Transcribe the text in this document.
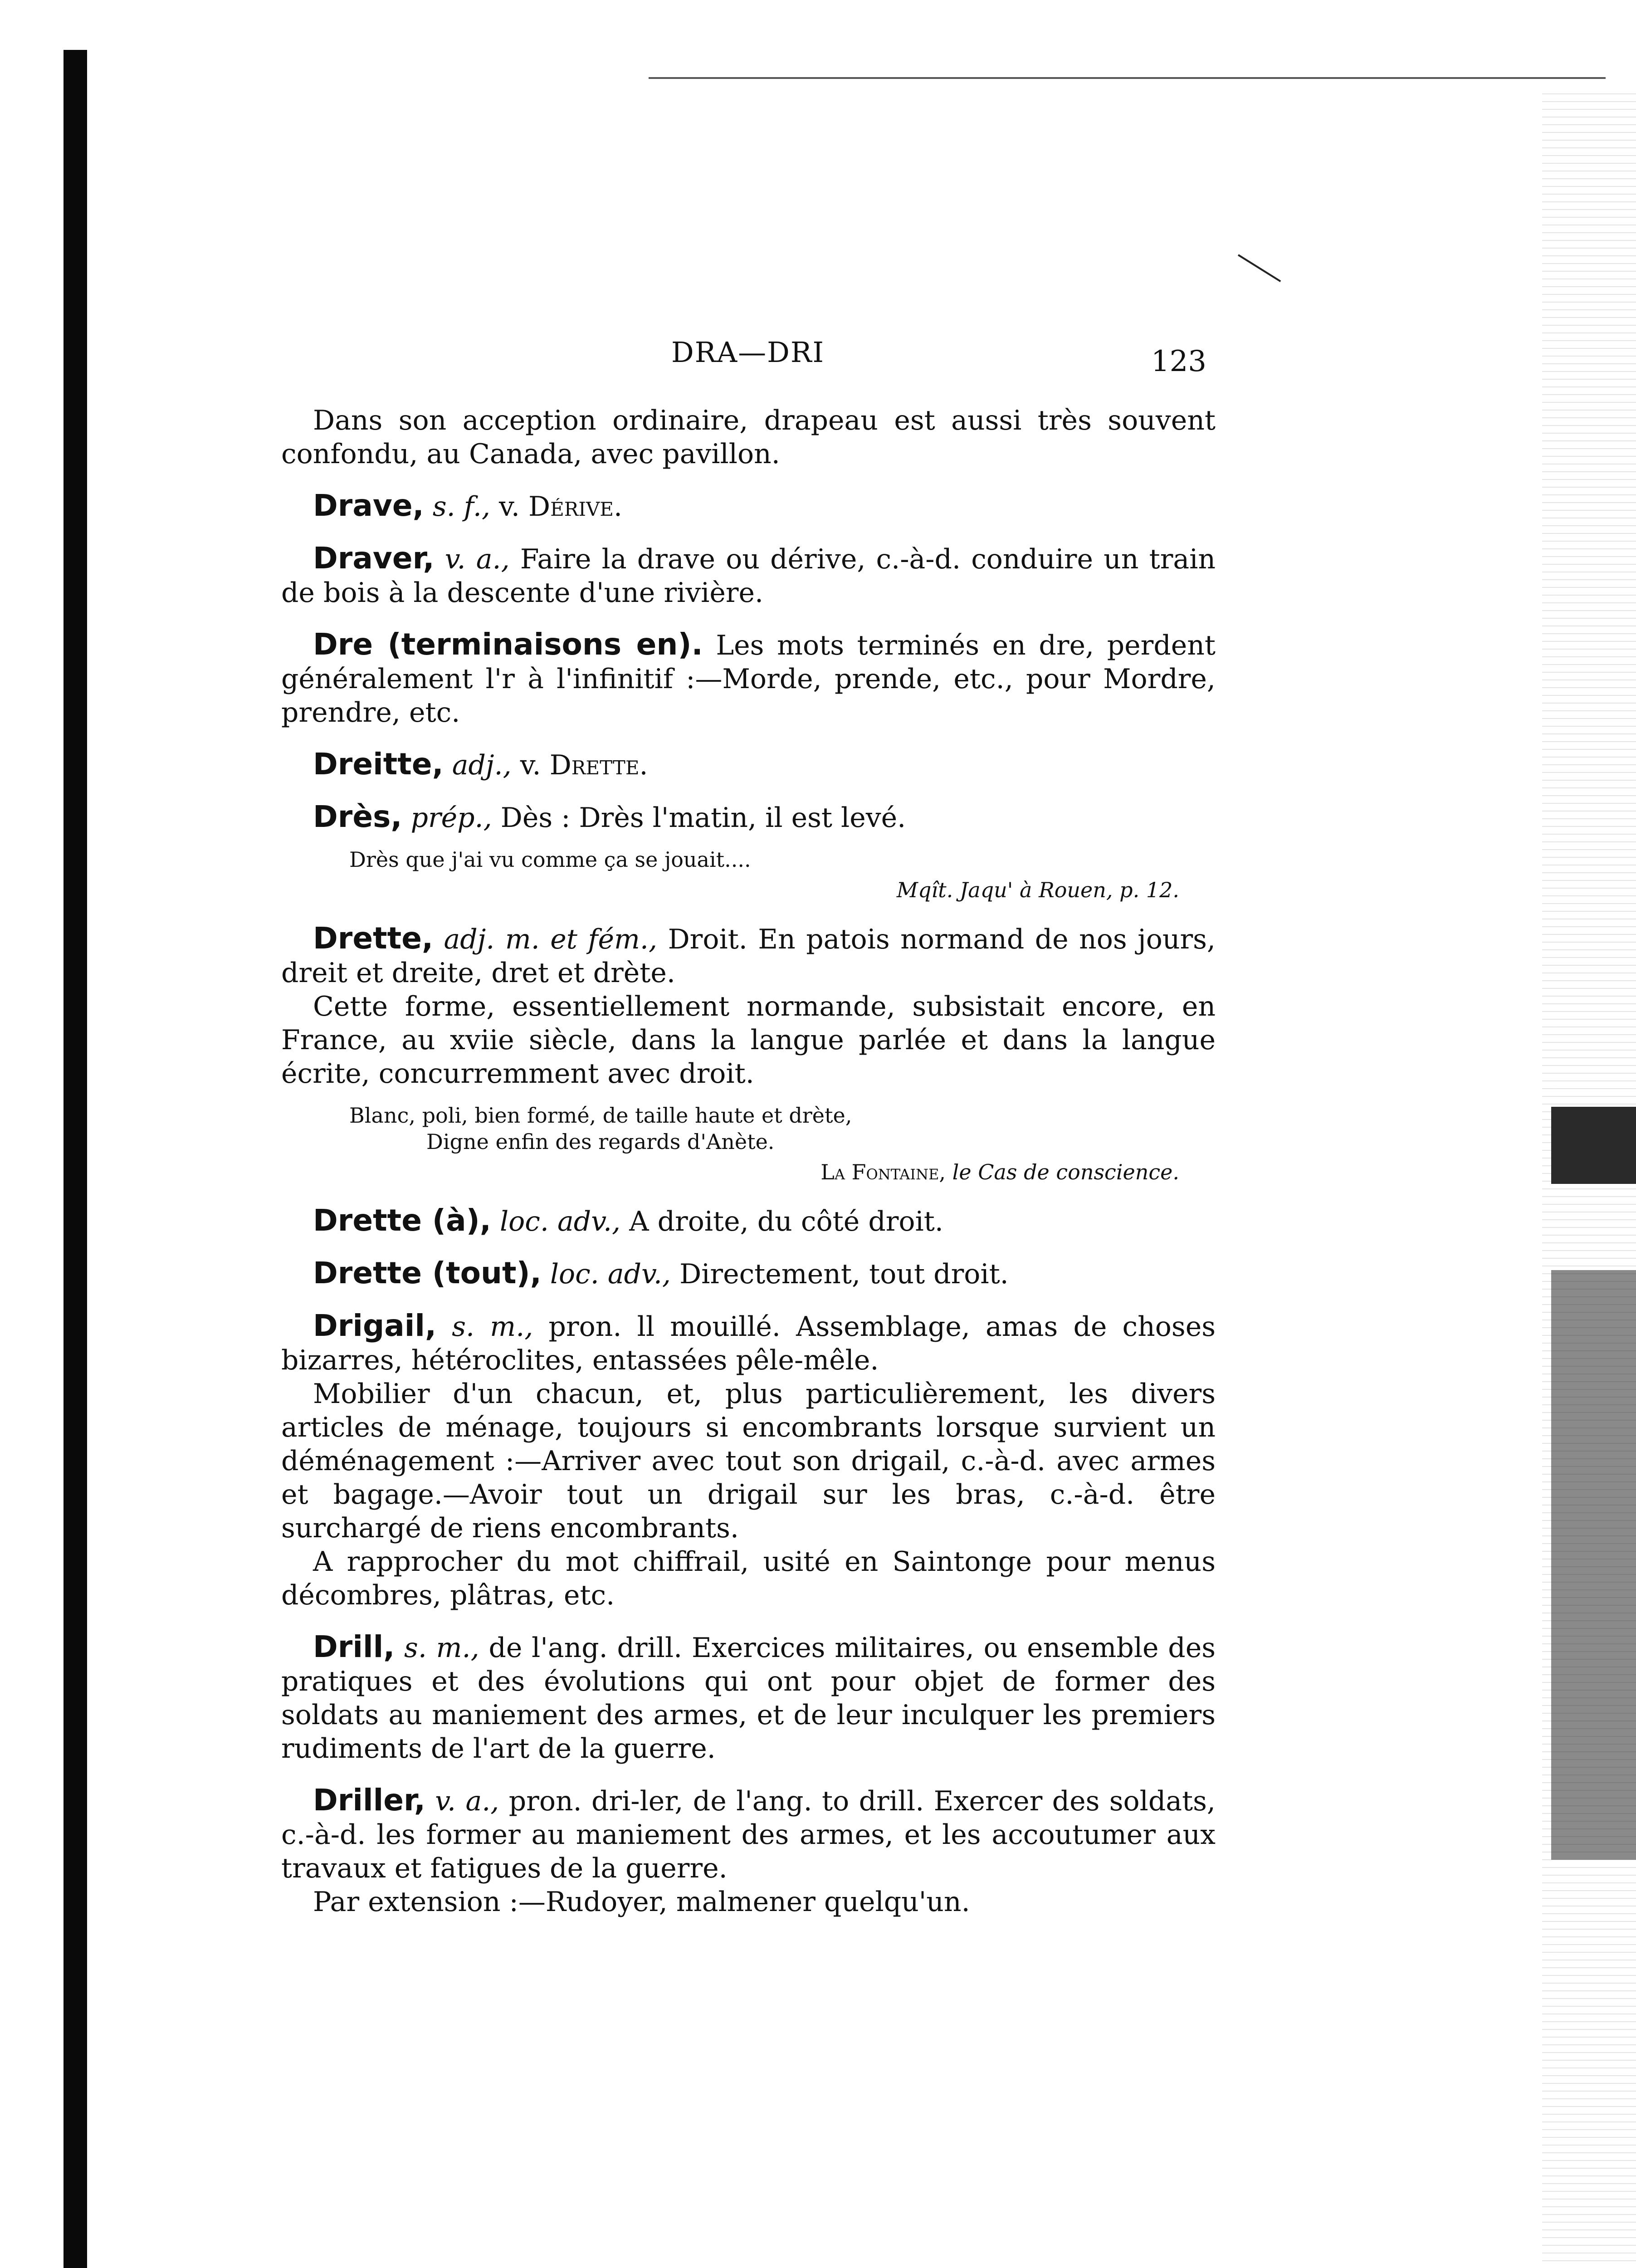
DRA—DRI	123

Dans son acception ordinaire, drapeau est aussi très souvent confondu, au Canada, avec pavillon.

Drave, s. f., v. Dérive.

Draver, v. a., Faire la drave ou dérive, c.-à-d. conduire un train de bois à la descente d'une rivière.

Dre (terminaisons en). Les mots terminés en dre, perdent généralement l'r à l'infinitif :—Morde, prende, etc., pour Mordre, prendre, etc.

Dreitte, adj., v. Drette.

Drès, prép., Dès : Drès l'matin, il est levé.

Drès que j'ai vu comme ça se jouait....

Mqît. Jaqu' à Rouen, p. 12.

Drette, adj. m. et fém., Droit. En patois normand de nos jours, dreit et dreite, dret et drète.

Cette forme, essentiellement normande, subsistait encore, en France, au xviie siècle, dans la langue parlée et dans la langue écrite, concurremment avec droit.

Blanc, poli, bien formé, de taille haute et drète,

Digne enfin des regards d'Anète.

La Fontaine, le Cas de conscience.

Drette (à), loc. adv., A droite, du côté droit.

Drette (tout), loc. adv., Directement, tout droit.

Drigail, s. m., pron. ll mouillé. Assemblage, amas de choses bizarres, hétéroclites, entassées pêle-mêle.

Mobilier d'un chacun, et, plus particulièrement, les divers articles de ménage, toujours si encombrants lorsque survient un déménagement :—Arriver avec tout son drigail, c.-à-d. avec armes et bagage.—Avoir tout un drigail sur les bras, c.-à-d. être surchargé de riens encombrants.

A rapprocher du mot chiffrail, usité en Saintonge pour menus décombres, plâtras, etc.

Drill, s. m., de l'ang. drill. Exercices militaires, ou ensemble des pratiques et des évolutions qui ont pour objet de former des soldats au maniement des armes, et de leur inculquer les premiers rudiments de l'art de la guerre.

Driller, v. a., pron. dri-ler, de l'ang. to drill. Exercer des soldats, c.-à-d. les former au maniement des armes, et les accoutumer aux travaux et fatigues de la guerre.

Par extension :—Rudoyer, malmener quelqu'un.
